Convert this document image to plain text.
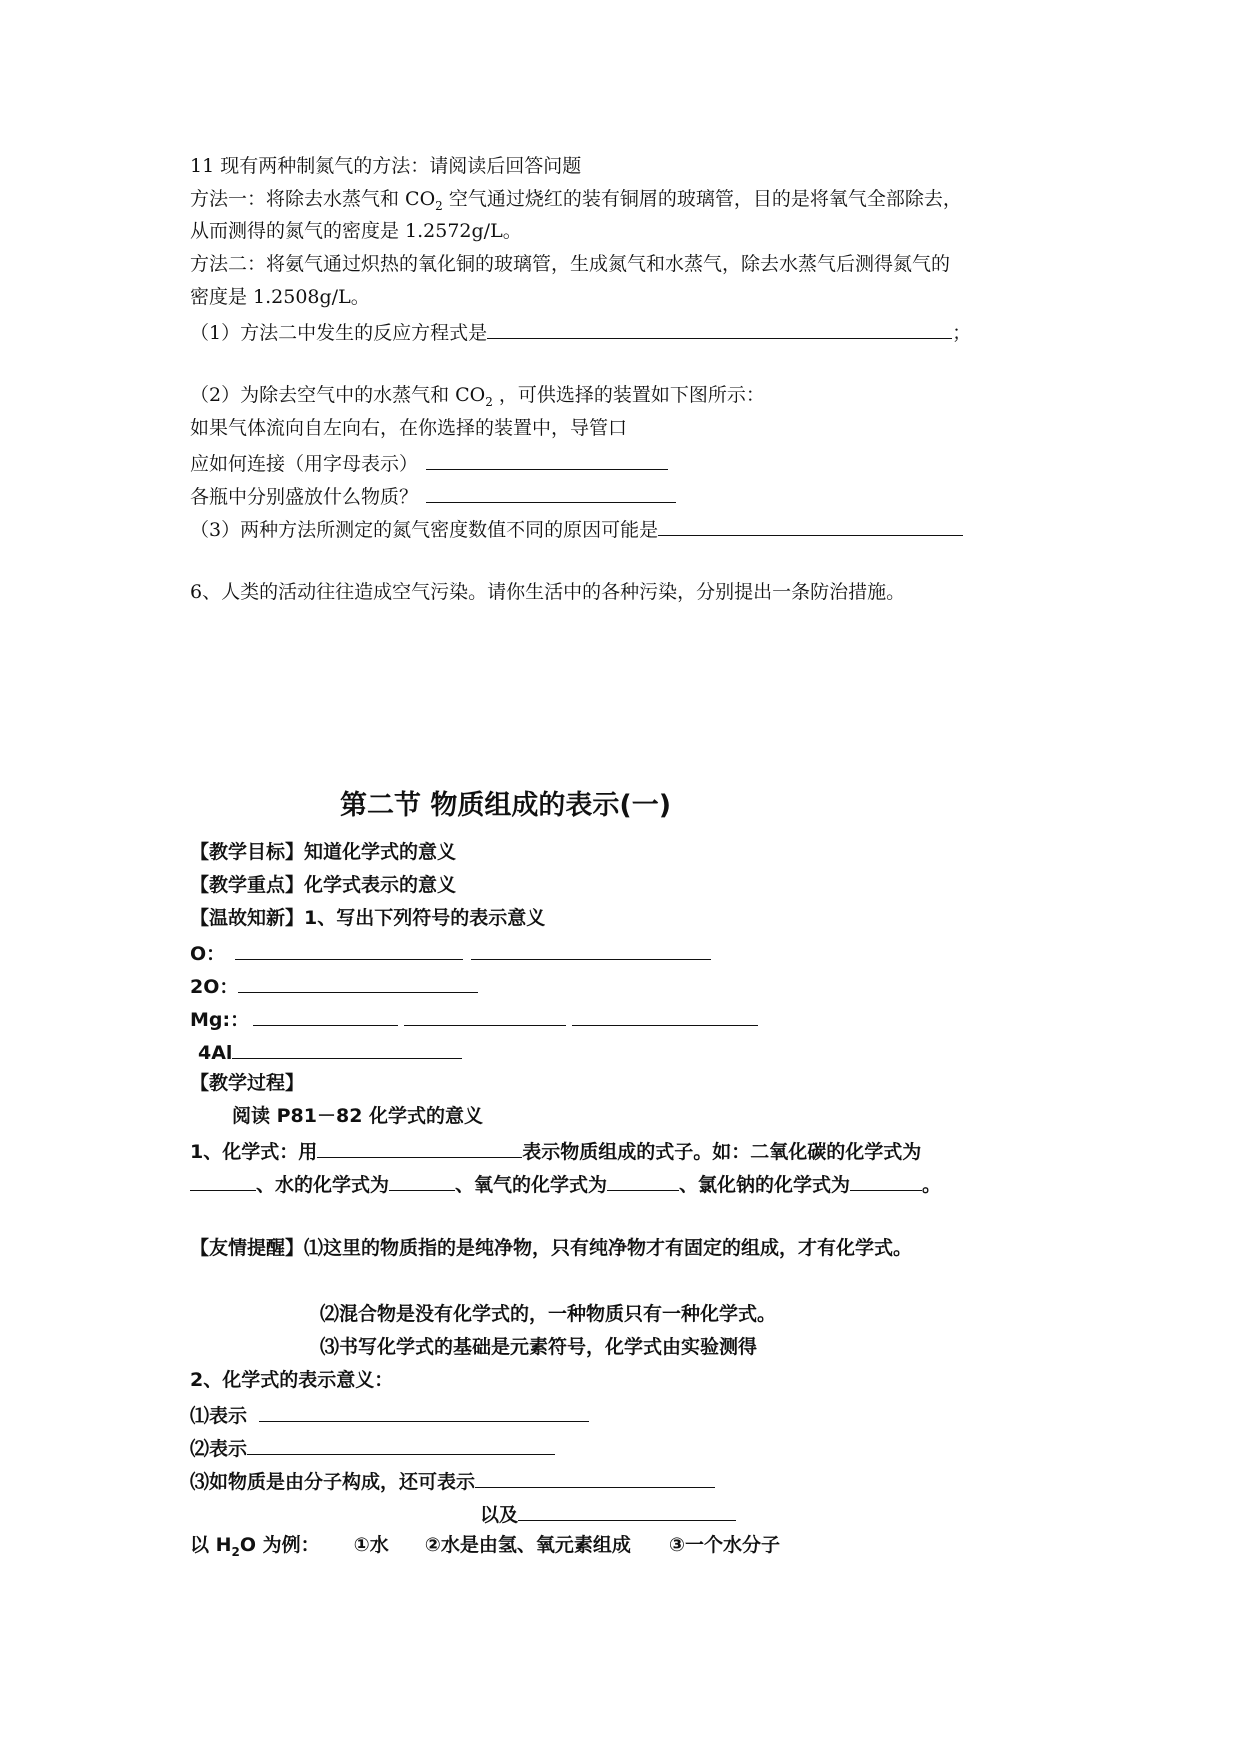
11 现有两种制氮气的方法：请阅读后回答问题
方法一：将除去水蒸气和 $CO_2$ 空气通过烧红的装有铜屑的玻璃管，目的是将氧气全部除去，
从而测得的氮气的密度是 1.2572g/L。
方法二：将氨气通过炽热的氧化铜的玻璃管，生成氮气和水蒸气，除去水蒸气后测得氮气的
密度是 1.2508g/L。
（1）方法二中发生的反应方程式是	；
（2）为除去空气中的水蒸气和 $CO_2$ ，可供选择的装置如下图所示：
如果气体流向自左向右，在你选择的装置中，导管口
应如何连接（用字母表示）
各瓶中分别盛放什么物质？
（3）两种方法所测定的氮气密度数值不同的原因可能是
6、人类的活动往往造成空气污染。请你生活中的各种污染，分别提出一条防治措施。
第二节 物质组成的表示(一)
【教学目标】知道化学式的意义
【教学重点】化学式表示的意义
【温故知新】1、写出下列符号的表示意义
O：
2O：
Mg:：
4Al
【教学过程】
阅读 P81－82 化学式的意义
1、化学式：用	表示物质组成的式子。如：二氧化碳的化学式为
、水的化学式为	、氧气的化学式为	、氯化钠的化学式为	。
【友情提醒】⑴这里的物质指的是纯净物，只有纯净物才有固定的组成，才有化学式。
⑵混合物是没有化学式的，一种物质只有一种化学式。
⑶书写化学式的基础是元素符号，化学式由实验测得
2、化学式的表示意义：
⑴表示
⑵表示
⑶如物质是由分子构成，还可表示
以及
以 $H_2O$ 为例： ①水 ②水是由氢、氧元素组成 ③一个水分子
